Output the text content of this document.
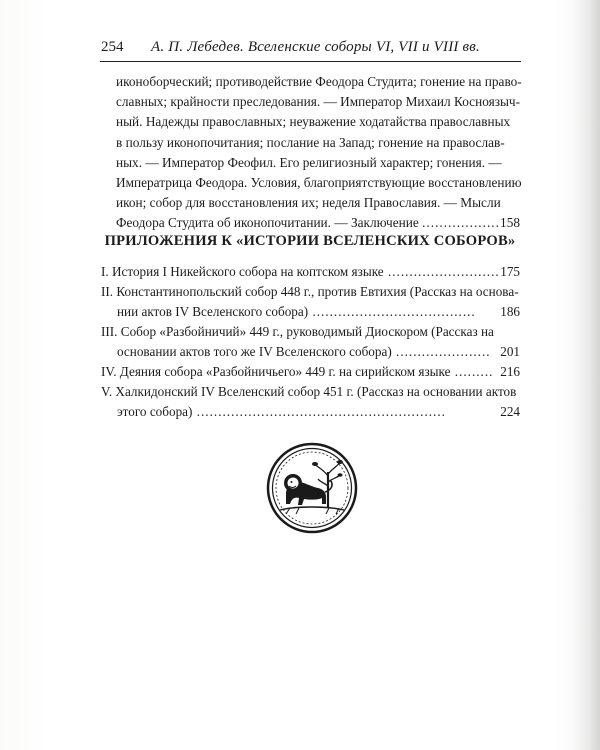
254 А. П. Лебедев. Вселенские соборы VI, VII и VIII вв.
иконоборческий; противодействие Феодора Студита; гонение на право-
славных; крайности преследования. — Император Михаил Косноязыч-
ный. Надежды православных; неуважение ходатайства православных
в пользу иконопочитания; послание на Запад; гонение на православ-
ных. — Император Феофил. Его религиозный характер; гонения. —
Императрица Феодора. Условия, благоприятствующие восстановлению
икон; собор для восстановления их; неделя Православия. — Мысли
Феодора Студита об иконопочитании. — Заключение .................. 158
ПРИЛОЖЕНИЯ К «ИСТОРИИ ВСЕЛЕНСКИХ СОБОРОВ»
I. История I Никейского собора на коптском языке .......................... 175
II. Константинопольский собор 448 г., против Евтихия (Рассказ на основа-
нии актов IV Вселенского собора) ......................................	186
III. Собор «Разбойничий» 449 г., руководимый Диоскором (Рассказ на
основании актов того же IV Вселенского собора) ...................... 201
IV. Деяния собора «Разбойничьего» 449 г. на сирийском языке ......... 216
V. Халкидонский IV Вселенский собор 451 г. (Рассказ на основании актов
этого собора) ..........................................................	224
